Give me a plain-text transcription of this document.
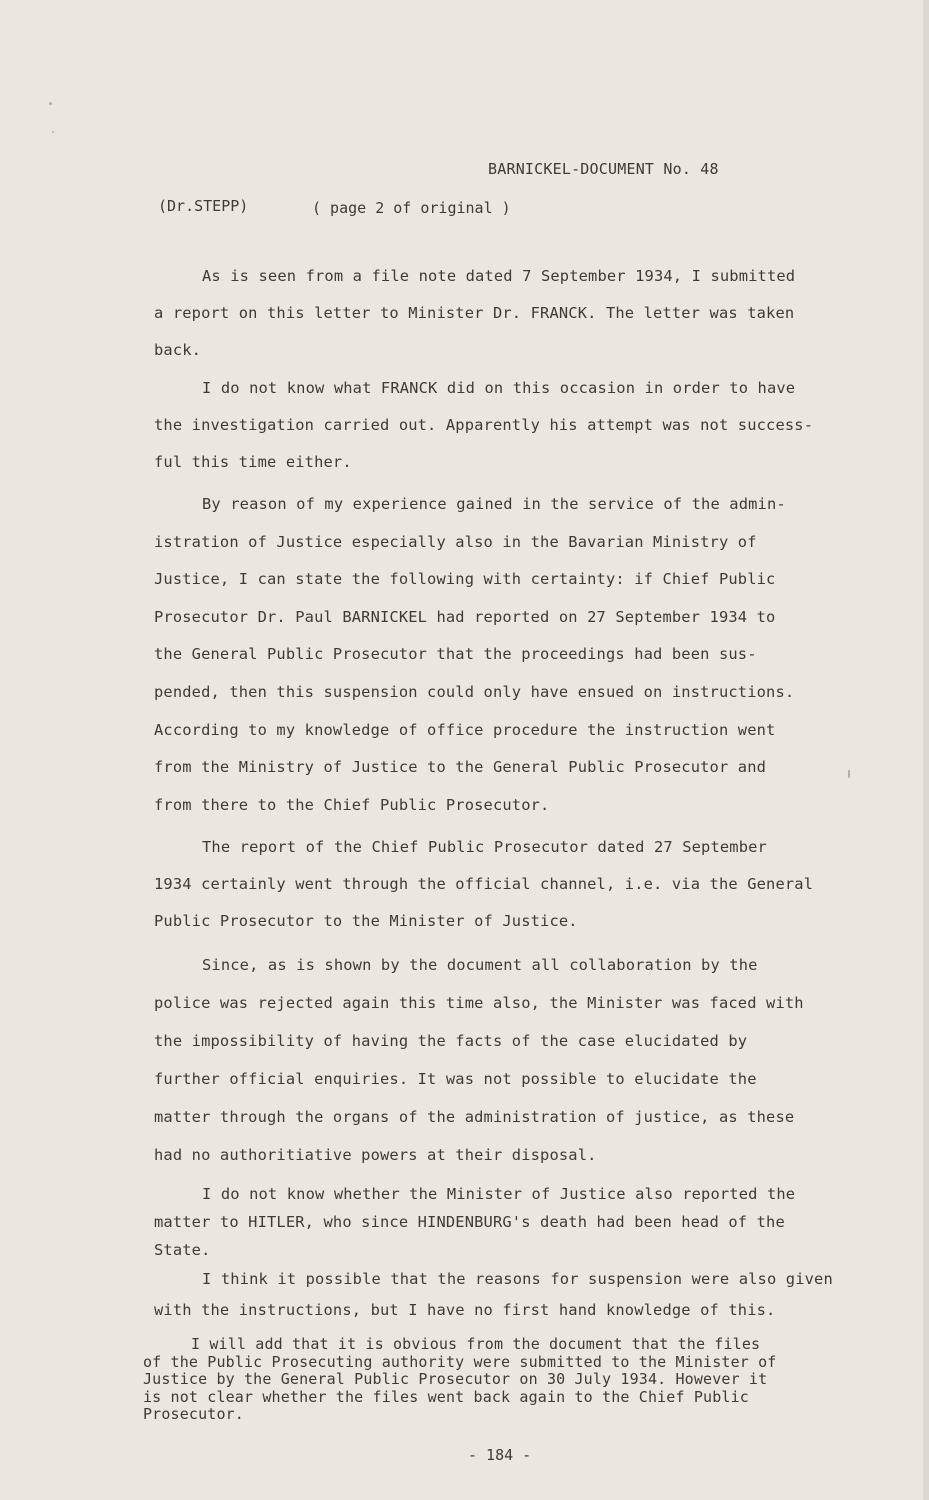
BARNICKEL-DOCUMENT No. 48

(Dr.STEPP)	( page 2 of original )

As is seen from a file note dated 7 September 1934, I submitted
a report on this letter to Minister Dr. FRANCK. The letter was taken
back.
I do not know what FRANCK did on this occasion in order to have
the investigation carried out. Apparently his attempt was not success-
ful this time either.
By reason of my experience gained in the service of the admin-
istration of Justice especially also in the Bavarian Ministry of
Justice, I can state the following with certainty: if Chief Public
Prosecutor Dr. Paul BARNICKEL had reported on 27 September 1934 to
the General Public Prosecutor that the proceedings had been sus-
pended, then this suspension could only have ensued on instructions.
According to my knowledge of office procedure the instruction went
from the Ministry of Justice to the General Public Prosecutor and
from there to the Chief Public Prosecutor.
The report of the Chief Public Prosecutor dated 27 September
1934 certainly went through the official channel, i.e. via the General
Public Prosecutor to the Minister of Justice.
Since, as is shown by the document all collaboration by the
police was rejected again this time also, the Minister was faced with
the impossibility of having the facts of the case elucidated by
further official enquiries. It was not possible to elucidate the
matter through the organs of the administration of justice, as these
had no authoritiative powers at their disposal.
I do not know whether the Minister of Justice also reported the
matter to HITLER, who since HINDENBURG's death had been head of the
State.
I think it possible that the reasons for suspension were also given
with the instructions, but I have no first hand knowledge of this.
I will add that it is obvious from the document that the files
of the Public Prosecuting authority were submitted to the Minister of
Justice by the General Public Prosecutor on 30 July 1934. However it
is not clear whether the files went back again to the Chief Public
Prosecutor.

- 184 -
